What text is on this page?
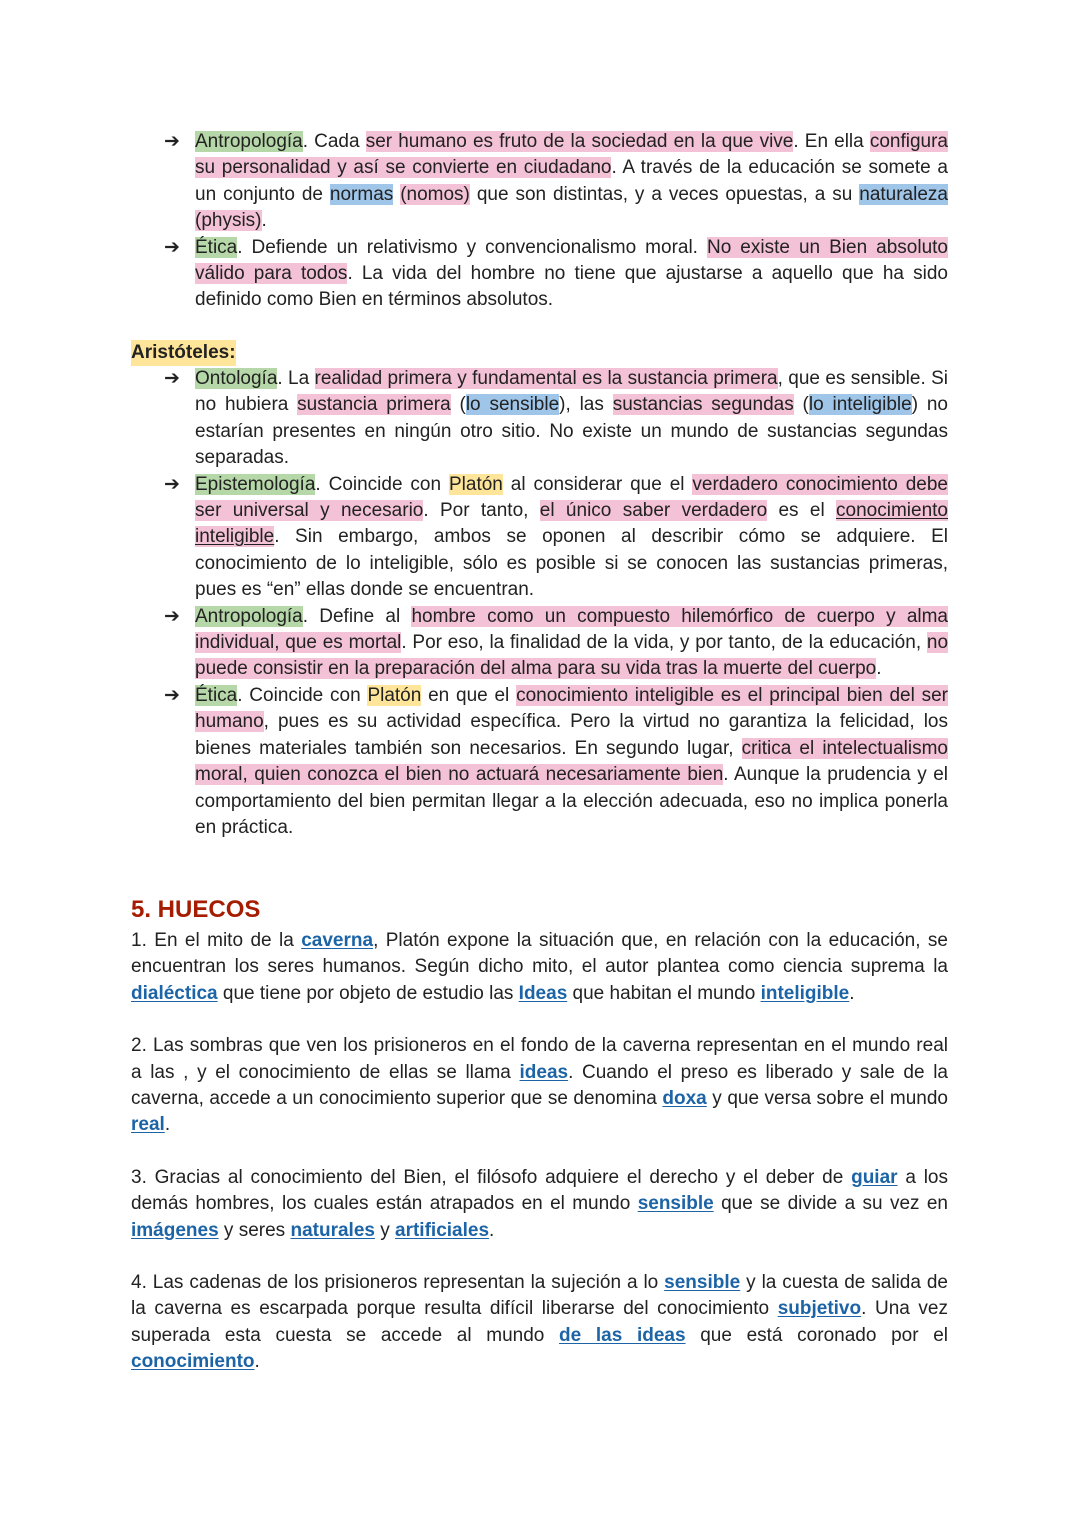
➔ Antropología. Cada ser humano es fruto de la sociedad en la que vive. En ella configura su personalidad y así se convierte en ciudadano. A través de la educación se somete a un conjunto de normas (nomos) que son distintas, y a veces opuestas, a su naturaleza (physis).
➔ Ética. Defiende un relativismo y convencionalismo moral. No existe un Bien absoluto válido para todos. La vida del hombre no tiene que ajustarse a aquello que ha sido definido como Bien en términos absolutos.
Aristóteles:
➔ Ontología. La realidad primera y fundamental es la sustancia primera, que es sensible. Si no hubiera sustancia primera (lo sensible), las sustancias segundas (lo inteligible) no estarían presentes en ningún otro sitio. No existe un mundo de sustancias segundas separadas.
➔ Epistemología. Coincide con Platón al considerar que el verdadero conocimiento debe ser universal y necesario. Por tanto, el único saber verdadero es el conocimiento inteligible. Sin embargo, ambos se oponen al describir cómo se adquiere. El conocimiento de lo inteligible, sólo es posible si se conocen las sustancias primeras, pues es “en” ellas donde se encuentran.
➔ Antropología. Define al hombre como un compuesto hilemórfico de cuerpo y alma individual, que es mortal. Por eso, la finalidad de la vida, y por tanto, de la educación, no puede consistir en la preparación del alma para su vida tras la muerte del cuerpo.
➔ Ética. Coincide con Platón en que el conocimiento inteligible es el principal bien del ser humano, pues es su actividad específica. Pero la virtud no garantiza la felicidad, los bienes materiales también son necesarios. En segundo lugar, critica el intelectualismo moral, quien conozca el bien no actuará necesariamente bien. Aunque la prudencia y el comportamiento del bien permitan llegar a la elección adecuada, eso no implica ponerla en práctica.
5. HUECOS
1. En el mito de la caverna, Platón expone la situación que, en relación con la educación, se encuentran los seres humanos. Según dicho mito, el autor plantea como ciencia suprema la dialéctica que tiene por objeto de estudio las Ideas que habitan el mundo inteligible.
2. Las sombras que ven los prisioneros en el fondo de la caverna representan en el mundo real a las , y el conocimiento de ellas se llama ideas. Cuando el preso es liberado y sale de la caverna, accede a un conocimiento superior que se denomina doxa y que versa sobre el mundo real.
3. Gracias al conocimiento del Bien, el filósofo adquiere el derecho y el deber de guiar a los demás hombres, los cuales están atrapados en el mundo sensible que se divide a su vez en imágenes y seres naturales y artificiales.
4. Las cadenas de los prisioneros representan la sujeción a lo sensible y la cuesta de salida de la caverna es escarpada porque resulta difícil liberarse del conocimiento subjetivo. Una vez superada esta cuesta se accede al mundo de las ideas que está coronado por el conocimiento.
